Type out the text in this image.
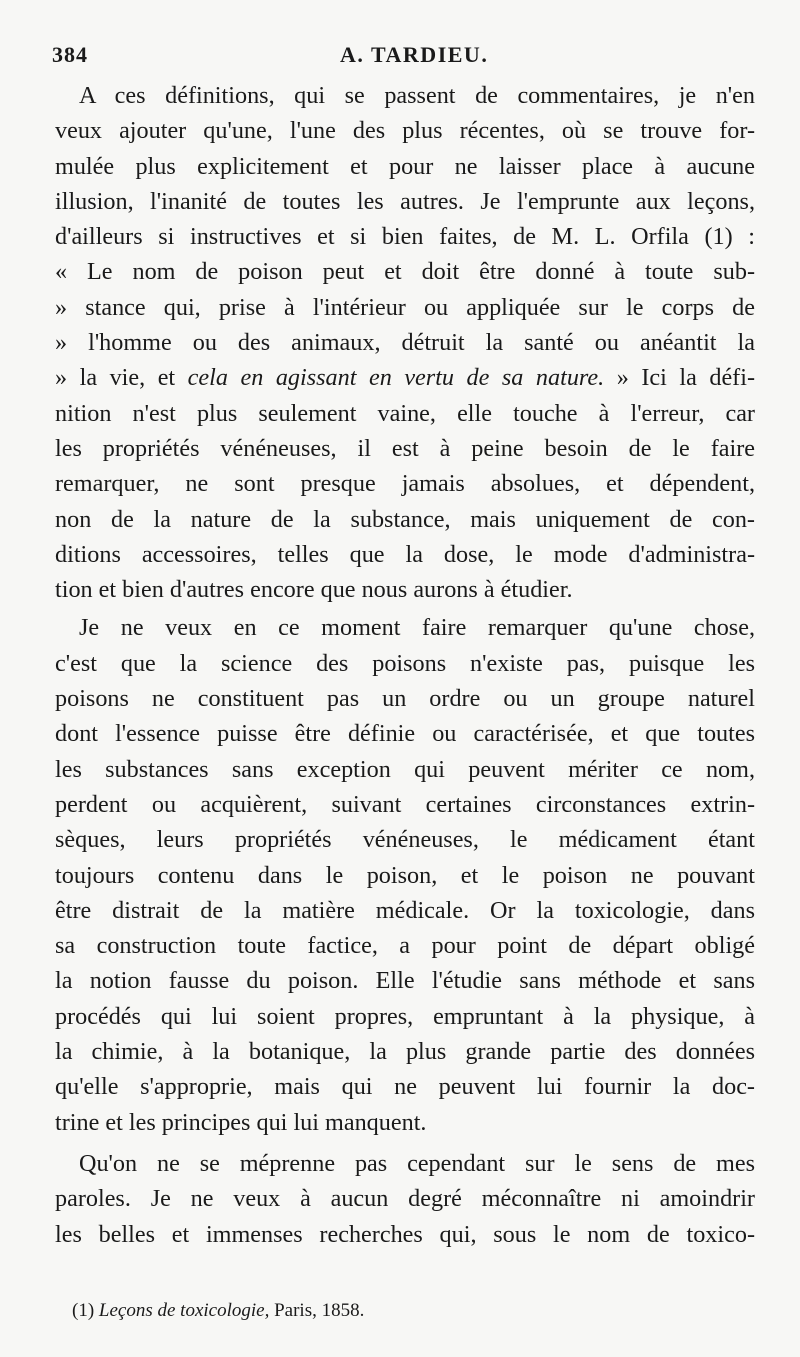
384	A. TARDIEU.
A ces définitions, qui se passent de commentaires, je n'en
veux ajouter qu'une, l'une des plus récentes, où se trouve for-
mulée plus explicitement et pour ne laisser place à aucune
illusion, l'inanité de toutes les autres. Je l'emprunte aux leçons,
d'ailleurs si instructives et si bien faites, de M. L. Orfila (1) :
« Le nom de poison peut et doit être donné à toute sub-
» stance qui, prise à l'intérieur ou appliquée sur le corps de
» l'homme ou des animaux, détruit la santé ou anéantit la
» la vie, et cela en agissant en vertu de sa nature. » Ici la défi-
nition n'est plus seulement vaine, elle touche à l'erreur, car
les propriétés vénéneuses, il est à peine besoin de le faire
remarquer, ne sont presque jamais absolues, et dépendent,
non de la nature de la substance, mais uniquement de con-
ditions accessoires, telles que la dose, le mode d'administra-
tion et bien d'autres encore que nous aurons à étudier.
Je ne veux en ce moment faire remarquer qu'une chose,
c'est que la science des poisons n'existe pas, puisque les
poisons ne constituent pas un ordre ou un groupe naturel
dont l'essence puisse être définie ou caractérisée, et que toutes
les substances sans exception qui peuvent mériter ce nom,
perdent ou acquièrent, suivant certaines circonstances extrin-
sèques, leurs propriétés vénéneuses, le médicament étant
toujours contenu dans le poison, et le poison ne pouvant
être distrait de la matière médicale. Or la toxicologie, dans
sa construction toute factice, a pour point de départ obligé
la notion fausse du poison. Elle l'étudie sans méthode et sans
procédés qui lui soient propres, empruntant à la physique, à
la chimie, à la botanique, la plus grande partie des données
qu'elle s'approprie, mais qui ne peuvent lui fournir la doc-
trine et les principes qui lui manquent.
Qu'on ne se méprenne pas cependant sur le sens de mes
paroles. Je ne veux à aucun degré méconnaître ni amoindrir
les belles et immenses recherches qui, sous le nom de toxico-
(1) Leçons de toxicologie, Paris, 1858.
